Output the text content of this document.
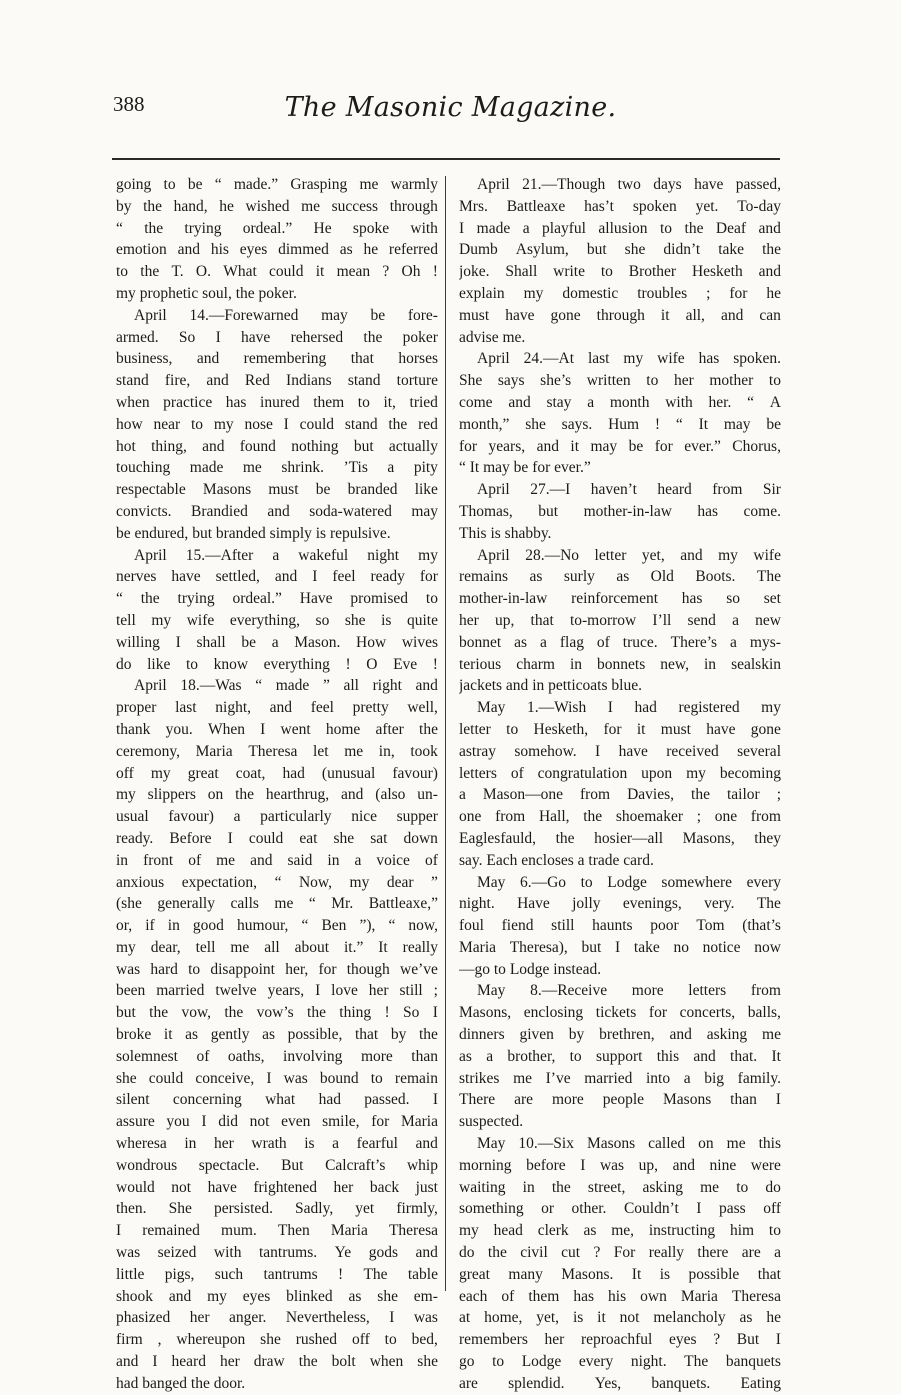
388	The Masonic Magazine.
going to be “ made.” Grasping me warmly
by the hand, he wished me success through
“ the trying ordeal.” He spoke with
emotion and his eyes dimmed as he referred
to the T. O. What could it mean ? Oh !
my prophetic soul, the poker.
April 14.—Forewarned may be fore-
armed. So I have rehersed the poker
business, and remembering that horses
stand fire, and Red Indians stand torture
when practice has inured them to it, tried
how near to my nose I could stand the red
hot thing, and found nothing but actually
touching made me shrink. ’Tis a pity
respectable Masons must be branded like
convicts. Brandied and soda-watered may
be endured, but branded simply is repulsive.
April 15.—After a wakeful night my
nerves have settled, and I feel ready for
“ the trying ordeal.” Have promised to
tell my wife everything, so she is quite
willing I shall be a Mason. How wives
do like to know everything ! O Eve !
April 18.—Was “ made ” all right and
proper last night, and feel pretty well,
thank you. When I went home after the
ceremony, Maria Theresa let me in, took
off my great coat, had (unusual favour)
my slippers on the hearthrug, and (also un-
usual favour) a particularly nice supper
ready. Before I could eat she sat down
in front of me and said in a voice of
anxious expectation, “ Now, my dear ”
(she generally calls me “ Mr. Battleaxe,”
or, if in good humour, “ Ben ”), “ now,
my dear, tell me all about it.” It really
was hard to disappoint her, for though we’ve
been married twelve years, I love her still ;
but the vow, the vow’s the thing ! So I
broke it as gently as possible, that by the
solemnest of oaths, involving more than
she could conceive, I was bound to remain
silent concerning what had passed. I
assure you I did not even smile, for Maria
wheresa in her wrath is a fearful and
wondrous spectacle. But Calcraft’s whip
would not have frightened her back just
then. She persisted. Sadly, yet firmly,
I remained mum. Then Maria Theresa
was seized with tantrums. Ye gods and
little pigs, such tantrums ! The table
shook and my eyes blinked as she em-
phasized her anger. Nevertheless, I was
firm , whereupon she rushed off to bed,
and I heard her draw the bolt when she
had banged the door.
April 21.—Though two days have passed,
Mrs. Battleaxe has’t spoken yet. To-day
I made a playful allusion to the Deaf and
Dumb Asylum, but she didn’t take the
joke. Shall write to Brother Hesketh and
explain my domestic troubles ; for he
must have gone through it all, and can
advise me.
April 24.—At last my wife has spoken.
She says she’s written to her mother to
come and stay a month with her. “ A
month,” she says. Hum ! “ It may be
for years, and it may be for ever.” Chorus,
“ It may be for ever.”
April 27.—I haven’t heard from Sir
Thomas, but mother-in-law has come.
This is shabby.
April 28.—No letter yet, and my wife
remains as surly as Old Boots. The
mother-in-law reinforcement has so set
her up, that to-morrow I’ll send a new
bonnet as a flag of truce. There’s a mys-
terious charm in bonnets new, in sealskin
jackets and in petticoats blue.
May 1.—Wish I had registered my
letter to Hesketh, for it must have gone
astray somehow. I have received several
letters of congratulation upon my becoming
a Mason—one from Davies, the tailor ;
one from Hall, the shoemaker ; one from
Eaglesfauld, the hosier—all Masons, they
say. Each encloses a trade card.
May 6.—Go to Lodge somewhere every
night. Have jolly evenings, very. The
foul fiend still haunts poor Tom (that’s
Maria Theresa), but I take no notice now
—go to Lodge instead.
May 8.—Receive more letters from
Masons, enclosing tickets for concerts, balls,
dinners given by brethren, and asking me
as a brother, to support this and that. It
strikes me I’ve married into a big family.
There are more people Masons than I
suspected.
May 10.—Six Masons called on me this
morning before I was up, and nine were
waiting in the street, asking me to do
something or other. Couldn’t I pass off
my head clerk as me, instructing him to
do the civil cut ? For really there are a
great many Masons. It is possible that
each of them has his own Maria Theresa
at home, yet, is it not melancholy as he
remembers her reproachful eyes ? But I
go to Lodge every night. The banquets
are splendid. Yes, banquets. Eating
